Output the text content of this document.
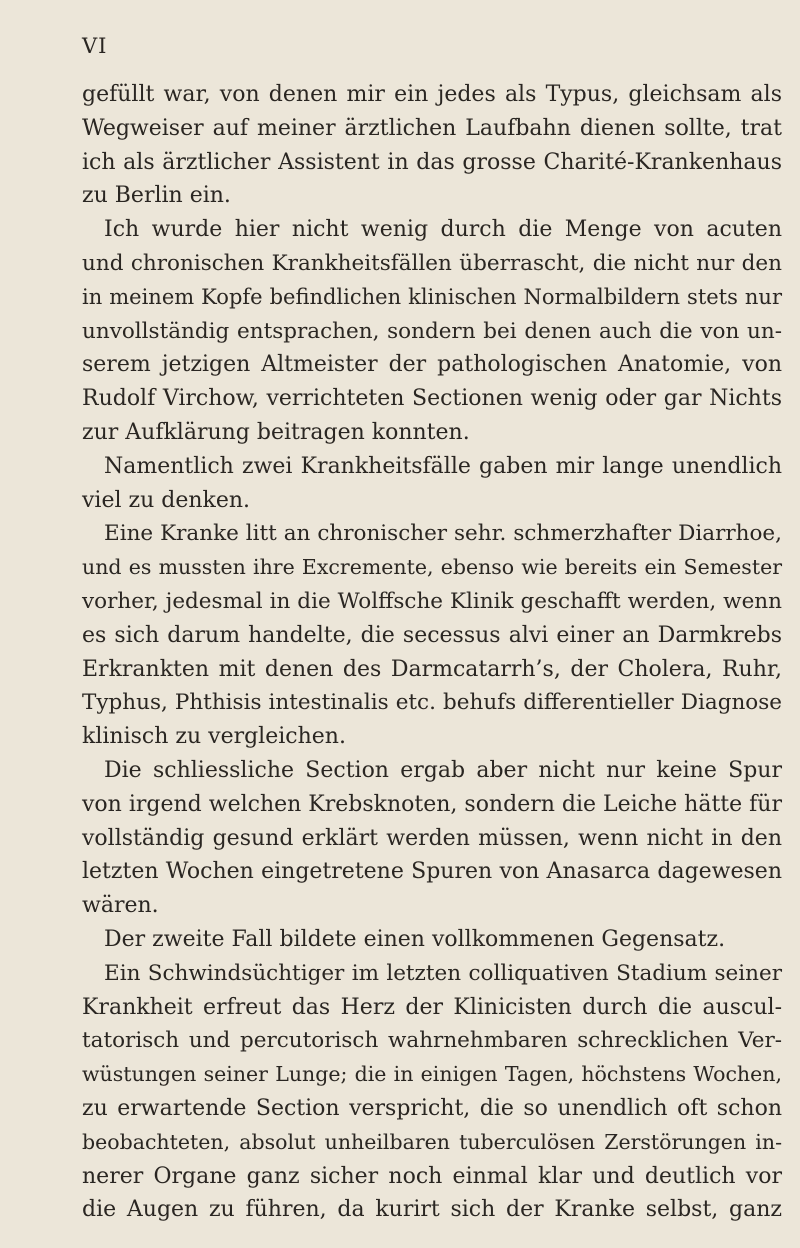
VI
gefüllt war, von denen mir ein jedes als Typus, gleichsam als
Wegweiser auf meiner ärztlichen Laufbahn dienen sollte, trat
ich als ärztlicher Assistent in das grosse Charité-Krankenhaus
zu Berlin ein.
Ich wurde hier nicht wenig durch die Menge von acuten
und chronischen Krankheitsfällen überrascht, die nicht nur den
in meinem Kopfe befindlichen klinischen Normalbildern stets nur
unvollständig entsprachen, sondern bei denen auch die von un-
serem jetzigen Altmeister der pathologischen Anatomie, von
Rudolf Virchow, verrichteten Sectionen wenig oder gar Nichts
zur Aufklärung beitragen konnten.
Namentlich zwei Krankheitsfälle gaben mir lange unendlich
viel zu denken.
Eine Kranke litt an chronischer sehr. schmerzhafter Diarrhoe,
und es mussten ihre Excremente, ebenso wie bereits ein Semester
vorher, jedesmal in die Wolffsche Klinik geschafft werden, wenn
es sich darum handelte, die secessus alvi einer an Darmkrebs
Erkrankten mit denen des Darmcatarrh’s, der Cholera, Ruhr,
Typhus, Phthisis intestinalis etc. behufs differentieller Diagnose
klinisch zu vergleichen.
Die schliessliche Section ergab aber nicht nur keine Spur
von irgend welchen Krebsknoten, sondern die Leiche hätte für
vollständig gesund erklärt werden müssen, wenn nicht in den
letzten Wochen eingetretene Spuren von Anasarca dagewesen
wären.
Der zweite Fall bildete einen vollkommenen Gegensatz.
Ein Schwindsüchtiger im letzten colliquativen Stadium seiner
Krankheit erfreut das Herz der Klinicisten durch die auscul-
tatorisch und percutorisch wahrnehmbaren schrecklichen Ver-
wüstungen seiner Lunge; die in einigen Tagen, höchstens Wochen,
zu erwartende Section verspricht, die so unendlich oft schon
beobachteten, absolut unheilbaren tuberculösen Zerstörungen in-
nerer Organe ganz sicher noch einmal klar und deutlich vor
die Augen zu führen, da kurirt sich der Kranke selbst, ganz
